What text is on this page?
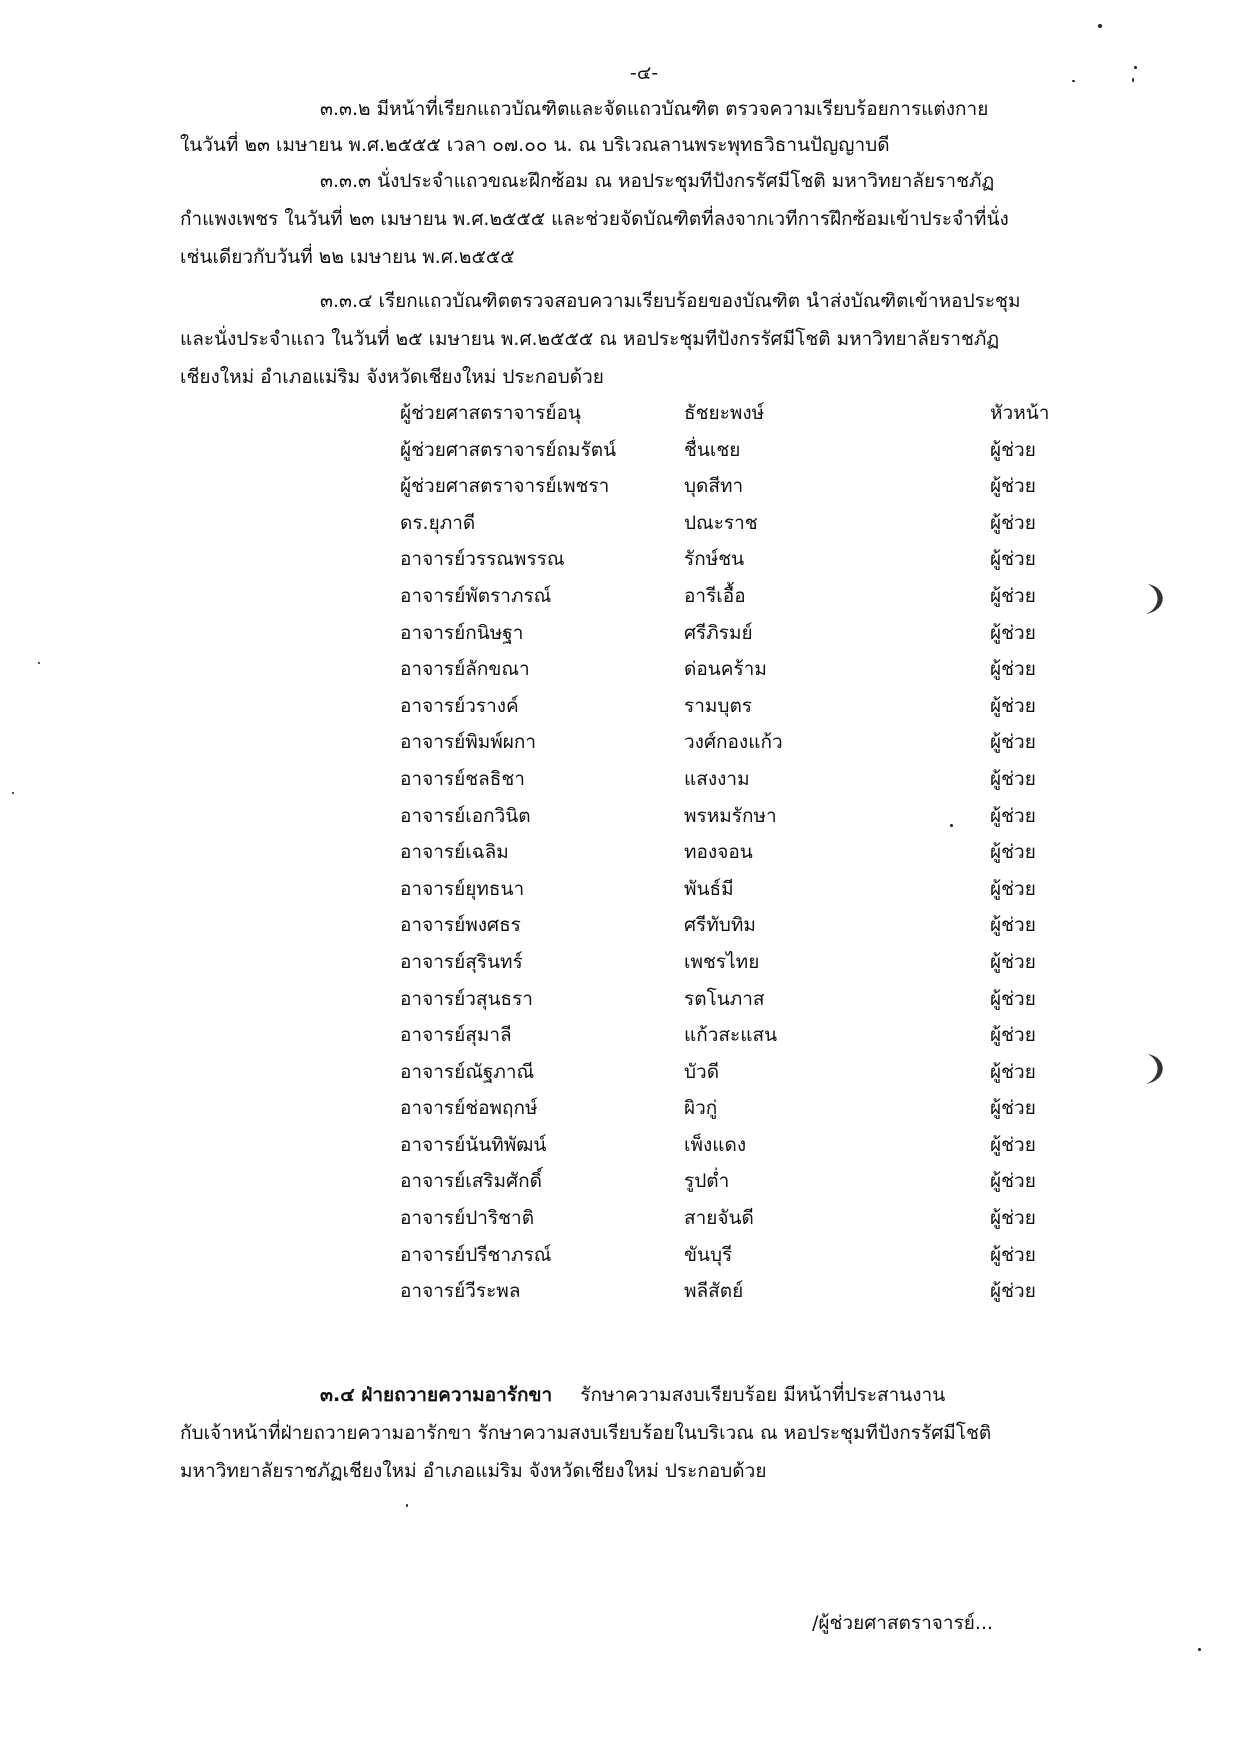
-๔-
๓.๓.๒ มีหน้าที่เรียกแถวบัณฑิตและจัดแถวบัณฑิต ตรวจความเรียบร้อยการแต่งกาย
ในวันที่ ๒๓ เมษายน พ.ศ.๒๕๕๕ เวลา ๐๗.๐๐ น. ณ บริเวณลานพระพุทธวิธานปัญญาบดี
๓.๓.๓ นั่งประจำแถวขณะฝึกซ้อม ณ หอประชุมทีปังกรรัศมีโชติ มหาวิทยาลัยราชภัฏ
กำแพงเพชร ในวันที่ ๒๓ เมษายน พ.ศ.๒๕๕๕ และช่วยจัดบัณฑิตที่ลงจากเวทีการฝึกซ้อมเข้าประจำที่นั่ง
เช่นเดียวกับวันที่ ๒๒ เมษายน พ.ศ.๒๕๕๕
๓.๓.๔ เรียกแถวบัณฑิตตรวจสอบความเรียบร้อยของบัณฑิต นำส่งบัณฑิตเข้าหอประชุม
และนั่งประจำแถว ในวันที่ ๒๕ เมษายน พ.ศ.๒๕๕๕ ณ หอประชุมทีปังกรรัศมีโชติ มหาวิทยาลัยราชภัฏ
เชียงใหม่ อำเภอแม่ริม จังหวัดเชียงใหม่ ประกอบด้วย
ผู้ช่วยศาสตราจารย์อนุ	ธัชยะพงษ์	หัวหน้า
ผู้ช่วยศาสตราจารย์ถมรัตน์	ชื่นเชย	ผู้ช่วย
ผู้ช่วยศาสตราจารย์เพชรา	บุดสีทา	ผู้ช่วย
ดร.ยุภาดี	ปณะราช	ผู้ช่วย
อาจารย์วรรณพรรณ	รักษ์ชน	ผู้ช่วย
อาจารย์พัตราภรณ์	อารีเอื้อ	ผู้ช่วย
อาจารย์กนิษฐา	ศรีภิรมย์	ผู้ช่วย
อาจารย์ลักขณา	ด่อนคร้าม	ผู้ช่วย
อาจารย์วรางค์	รามบุตร	ผู้ช่วย
อาจารย์พิมพ์ผกา	วงศ์กองแก้ว	ผู้ช่วย
อาจารย์ชลธิชา	แสงงาม	ผู้ช่วย
อาจารย์เอกวินิต	พรหมรักษา	ผู้ช่วย
อาจารย์เฉลิม	ทองจอน	ผู้ช่วย
อาจารย์ยุทธนา	พันธ์มี	ผู้ช่วย
อาจารย์พงศธร	ศรีทับทิม	ผู้ช่วย
อาจารย์สุรินทร์	เพชรไทย	ผู้ช่วย
อาจารย์วสุนธรา	รตโนภาส	ผู้ช่วย
อาจารย์สุมาลี	แก้วสะแสน	ผู้ช่วย
อาจารย์ณัฐภาณี	บัวดี	ผู้ช่วย
อาจารย์ช่อพฤกษ์	ผิวกู่	ผู้ช่วย
อาจารย์นันทิพัฒน์	เพ็งแดง	ผู้ช่วย
อาจารย์เสริมศักดิ์	รูปต่ำ	ผู้ช่วย
อาจารย์ปาริชาติ	สายจันดี	ผู้ช่วย
อาจารย์ปรีชาภรณ์	ขันบุรี	ผู้ช่วย
อาจารย์วีระพล	พลีสัตย์	ผู้ช่วย
๓.๔ ฝ่ายถวายความอารักขา รักษาความสงบเรียบร้อย มีหน้าที่ประสานงาน
กับเจ้าหน้าที่ฝ่ายถวายความอารักขา รักษาความสงบเรียบร้อยในบริเวณ ณ หอประชุมทีปังกรรัศมีโชติ
มหาวิทยาลัยราชภัฏเชียงใหม่ อำเภอแม่ริม จังหวัดเชียงใหม่ ประกอบด้วย
/ผู้ช่วยศาสตราจารย์...
